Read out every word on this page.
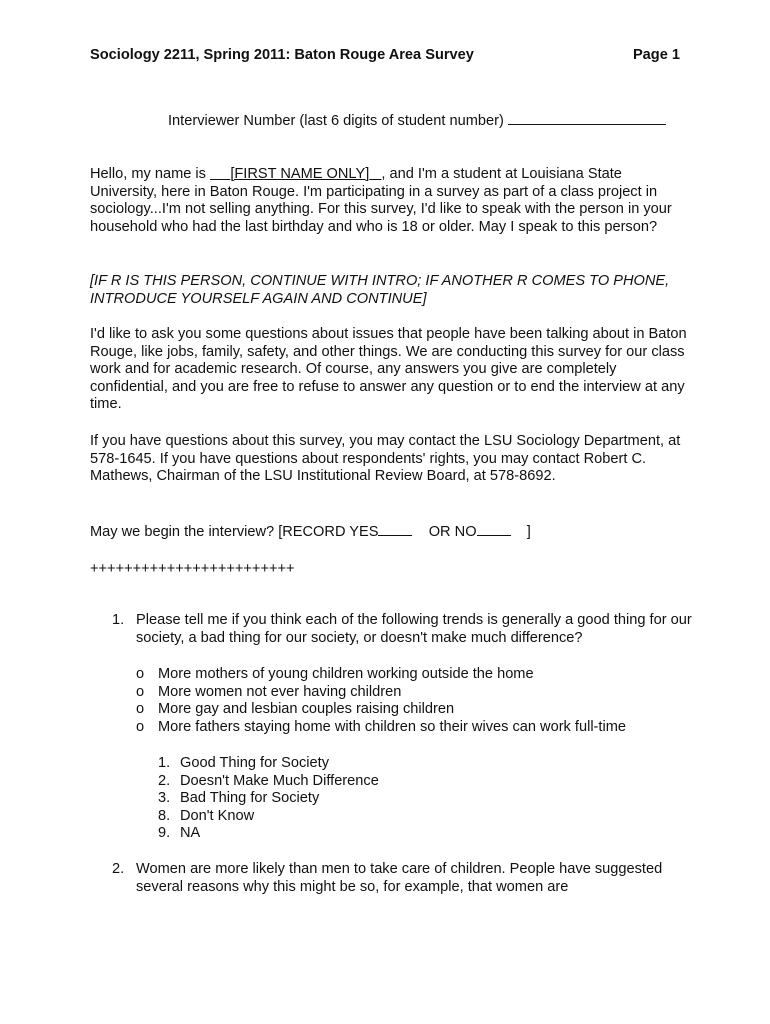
Sociology 2211, Spring 2011: Baton Rouge Area Survey	Page 1
Interviewer Number (last 6 digits of student number)

Hello, my name is      [FIRST NAME ONLY] , and I'm a student at Louisiana State University, here in Baton Rouge. I'm participating in a survey as part of a class project in sociology...I'm not selling anything. For this survey, I'd like to speak with the person in your household who had the last birthday and who is 18 or older. May I speak to this person?

[IF R IS THIS PERSON, CONTINUE WITH INTRO; IF ANOTHER R COMES TO PHONE, INTRODUCE YOURSELF AGAIN AND CONTINUE]

I'd like to ask you some questions about issues that people have been talking about in Baton Rouge, like jobs, family, safety, and other things. We are conducting this survey for our class work and for academic research. Of course, any answers you give are completely confidential, and you are free to refuse to answer any question or to end the interview at any time.

If you have questions about this survey, you may contact the LSU Sociology Department, at 578-1645. If you have questions about respondents' rights, you may contact Robert C. Mathews, Chairman of the LSU Institutional Review Board, at 578-8692.

May we begin the interview? [RECORD YES	OR NO	]
++++++++++++++++++++++++
1. Please tell me if you think each of the following trends is generally a good thing for our society, a bad thing for our society, or doesn't make much difference?

o More mothers of young children working outside the home
o More women not ever having children
o More gay and lesbian couples raising children
o More fathers staying home with children so their wives can work full-time
1. Good Thing for Society
2. Doesn't Make Much Difference
3. Bad Thing for Society
8. Don't Know
9. NA
2. Women are more likely than men to take care of children. People have suggested several reasons why this might be so, for example, that women are
